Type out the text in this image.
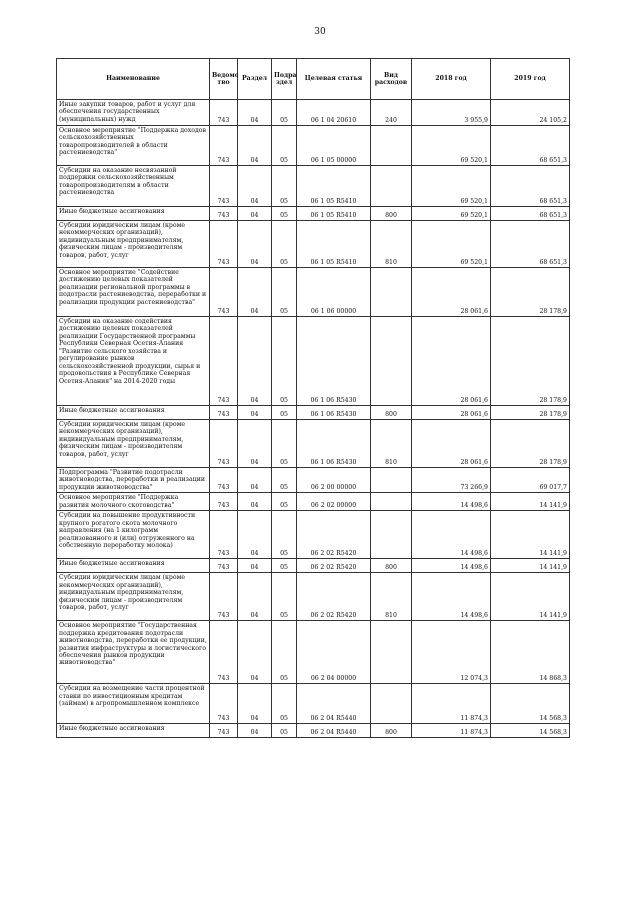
30
Наименование	Ведомс тво	Раздел	Подра здел	Целевая статья	Вид расходов	2018 год	2019 год
Иные закупки товаров, работ и услуг для обеспечения государственных (муниципальных) нужд	743	04	05	06 1 04 20610	240	3 955,9	24 105,2
Основное мероприятие "Поддержка доходов сельскохозяйственных товаропроизводителей в области растениеводства"	743	04	05	06 1 05 00000		69 520,1	68 651,3
Субсидии на оказание несвязанной поддержки сельскохозяйственным товаропроизводителям в области растениеводства	743	04	05	06 1 05 R5410		69 520,1	68 651,3
Иные бюджетные ассигнования	743	04	05	06 1 05 R5410	800	69 520,1	68 651,3
Субсидии юридическим лицам (кроме некоммерческих организаций), индивидуальным предпринимателям, физическим лицам - производителям товаров, работ, услуг	743	04	05	06 1 05 R5410	810	69 520,1	68 651,3
Основное мероприятие "Содействие достижению целевых показателей реализации региональной программы в подотрасли растениеводства, переработки и реализации продукции растениеводства"	743	04	05	06 1 06 00000		28 061,6	28 178,9
Субсидии на оказание содействия достижению целевых показателей реализации Государственной программы Республики Северная Осетия-Алания "Развитие сельского хозяйства и регулирование рынков сельскохозяйственной продукции, сырья и продовольствия в Республике Северная Осетия-Алания" на 2014-2020 годы	743	04	05	06 1 06 R5430		28 061,6	28 178,9
Иные бюджетные ассигнования	743	04	05	06 1 06 R5430	800	28 061,6	28 178,9
Субсидии юридическим лицам (кроме некоммерческих организаций), индивидуальным предпринимателям, физическим лицам - производителям товаров, работ, услуг	743	04	05	06 1 06 R5430	810	28 061,6	28 178,9
Подпрограмма "Развитие подотрасли животноводства, переработки и реализации продукции животноводства"	743	04	05	06 2 00 00000		73 266,9	69 017,7
Основное мероприятие "Поддержка развития молочного скотоводства"	743	04	05	06 2 02 00000		14 498,6	14 141,9
Субсидии на повышение продуктивности крупного рогатого скота молочного направления (на 1 килограмм реализованного и (или) отгруженного на собственную переработку молока)	743	04	05	06 2 02 R5420		14 498,6	14 141,9
Иные бюджетные ассигнования	743	04	05	06 2 02 R5420	800	14 498,6	14 141,9
Субсидии юридическим лицам (кроме некоммерческих организаций), индивидуальным предпринимателям, физическим лицам - производителям товаров, работ, услуг	743	04	05	06 2 02 R5420	810	14 498,6	14 141,9
Основное мероприятие "Государственная поддержка кредитования подотрасли животноводства, переработки ее продукции, развития инфраструктуры и логистического обеспечения рынков продукции животноводства"	743	04	05	06 2 04 00000		12 074,3	14 868,3
Субсидии на возмещение части процентной ставки по инвестиционным кредитам (займам) в агропромышленном комплексе	743	04	05	06 2 04 R5440		11 874,3	14 568,3
Иные бюджетные ассигнования	743	04	05	06 2 04 R5440	800	11 874,3	14 568,3
